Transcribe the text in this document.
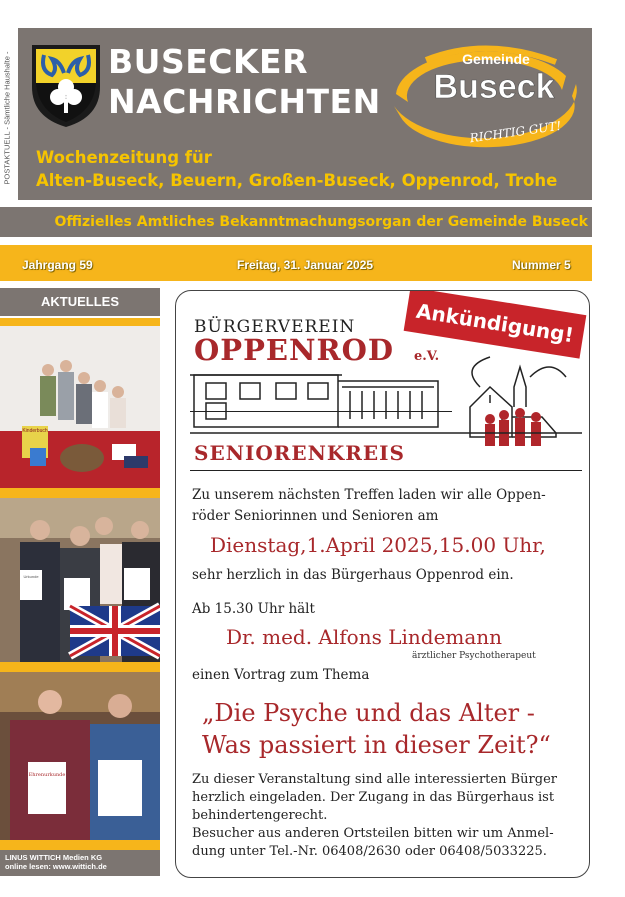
POSTAKTUELL - Sämtliche Haushalte -	BUSECKER
NACHRICHTEN
Gemeinde
Buseck
RICHTIG GUT!
Wochenzeitung für
Alten-Buseck, Beuern, Großen-Buseck, Oppenrod, Trohe
Offizielles Amtliches Bekanntmachungsorgan der Gemeinde Buseck
Jahrgang 59	Freitag, 31. Januar 2025	Nummer 5
AKTUELLES
Kinderbuch
Urkunde
Ehrenurkunde
LINUS WITTICH Medien KG
online lesen: www.wittich.de
Ankündigung!
BÜRGERVEREIN
OPPENROD e.V.
SENIORENKREIS
Zu unserem nächsten Treffen laden wir alle Oppen-
röder Seniorinnen und Senioren am
Dienstag,1.April 2025,15.00 Uhr,
sehr herzlich in das Bürgerhaus Oppenrod ein.
Ab 15.30 Uhr hält
Dr. med. Alfons Lindemann
ärztlicher Psychotherapeut
einen Vortrag zum Thema
„Die Psyche und das Alter -
Was passiert in dieser Zeit?“
Zu dieser Veranstaltung sind alle interessierten Bürger
herzlich eingeladen. Der Zugang in das Bürgerhaus ist
behindertengerecht.
Besucher aus anderen Ortsteilen bitten wir um Anmel-
dung unter Tel.-Nr. 06408/2630 oder 06408/5033225.
